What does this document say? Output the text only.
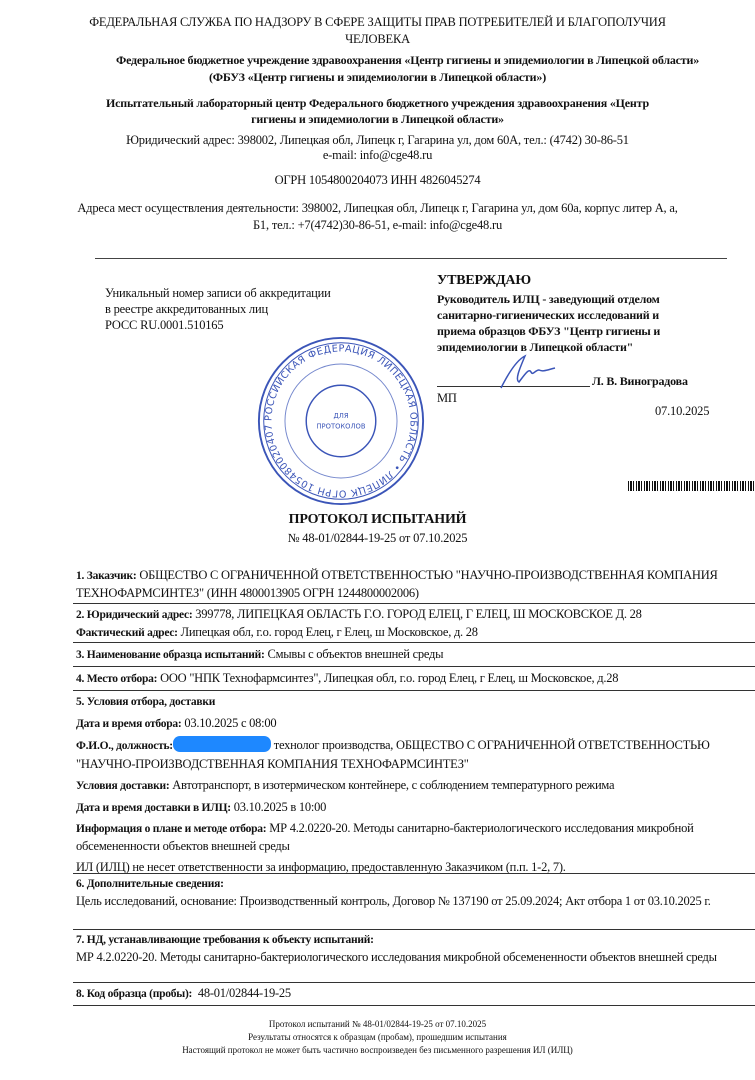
ФЕДЕРАЛЬНАЯ СЛУЖБА ПО НАДЗОРУ В СФЕРЕ ЗАЩИТЫ ПРАВ ПОТРЕБИТЕЛЕЙ И БЛАГОПОЛУЧИЯ
ЧЕЛОВЕКА
Федеральное бюджетное учреждение здравоохранения «Центр гигиены и эпидемиологии в Липецкой области»
(ФБУЗ «Центр гигиены и эпидемиологии в Липецкой области»)
Испытательный лабораторный центр Федерального бюджетного учреждения здравоохранения «Центр
гигиены и эпидемиологии в Липецкой области»
Юридический адрес: 398002, Липецкая обл, Липецк г, Гагарина ул, дом 60А, тел.: (4742) 30-86-51
e-mail: info@cge48.ru
ОГРН 1054800204073 ИНН 4826045274
Адреса мест осуществления деятельности: 398002, Липецкая обл, Липецк г, Гагарина ул, дом 60а, корпус литер А, а,
Б1, тел.: +7(4742)30-86-51, e-mail: info@cge48.ru
Уникальный номер записи об аккредитации
в реестре аккредитованных лиц
РОСС RU.0001.510165
РОССИЙСКАЯ ФЕДЕРАЦИЯ ЛИПЕЦКАЯ ОБЛАСТЬ • ЛИПЕЦК ОГРН 105480020407
ДЛЯ
ПРОТОКОЛОВ
УТВЕРЖДАЮ
Руководитель ИЛЦ - заведующий отделом
санитарно-гигиенических исследований и
приема образцов ФБУЗ "Центр гигиены и
эпидемиологии в Липецкой области"
Л. В. Виноградова
МП
07.10.2025
ПРОТОКОЛ ИСПЫТАНИЙ
№ 48-01/02844-19-25 от 07.10.2025
1. Заказчик: ОБЩЕСТВО С ОГРАНИЧЕННОЙ ОТВЕТСТВЕННОСТЬЮ "НАУЧНО-ПРОИЗВОДСТВЕННАЯ КОМПАНИЯ ТЕХНОФАРМСИНТЕЗ" (ИНН 4800013905 ОГРН 1244800002006)
2. Юридический адрес: 399778, ЛИПЕЦКАЯ ОБЛАСТЬ Г.О. ГОРОД ЕЛЕЦ, Г ЕЛЕЦ, Ш МОСКОВСКОЕ Д. 28
Фактический адрес: Липецкая обл, г.о. город Елец, г Елец, ш Московское, д. 28
3. Наименование образца испытаний: Смывы с объектов внешней среды
4. Место отбора: ООО "НПК Технофармсинтез", Липецкая обл, г.о. город Елец, г Елец, ш Московское, д.28
5. Условия отбора, доставки
Дата и время отбора: 03.10.2025 с 08:00
Ф.И.О., должность:	технолог производства, ОБЩЕСТВО С ОГРАНИЧЕННОЙ ОТВЕТСТВЕННОСТЬЮ "НАУЧНО-ПРОИЗВОДСТВЕННАЯ КОМПАНИЯ ТЕХНОФАРМСИНТЕЗ"
Условия доставки: Автотранспорт, в изотермическом контейнере, с соблюдением температурного режима
Дата и время доставки в ИЛЦ: 03.10.2025 в 10:00
Информация о плане и методе отбора: МР 4.2.0220-20. Методы санитарно-бактериологического исследования микробной обсемененности объектов внешней среды
ИЛ (ИЛЦ) не несет ответственности за информацию, предоставленную Заказчиком (п.п. 1-2, 7).
6. Дополнительные сведения:
Цель исследований, основание: Производственный контроль, Договор № 137190 от 25.09.2024; Акт отбора 1 от 03.10.2025 г.
7. НД, устанавливающие требования к объекту испытаний:
МР 4.2.0220-20. Методы санитарно-бактериологического исследования микробной обсемененности объектов внешней среды
8. Код образца (пробы):  48-01/02844-19-25
Протокол испытаний № 48-01/02844-19-25 от 07.10.2025
Результаты относятся к образцам (пробам), прошедшим испытания
Настоящий протокол не может быть частично воспроизведен без письменного разрешения ИЛ (ИЛЦ)
